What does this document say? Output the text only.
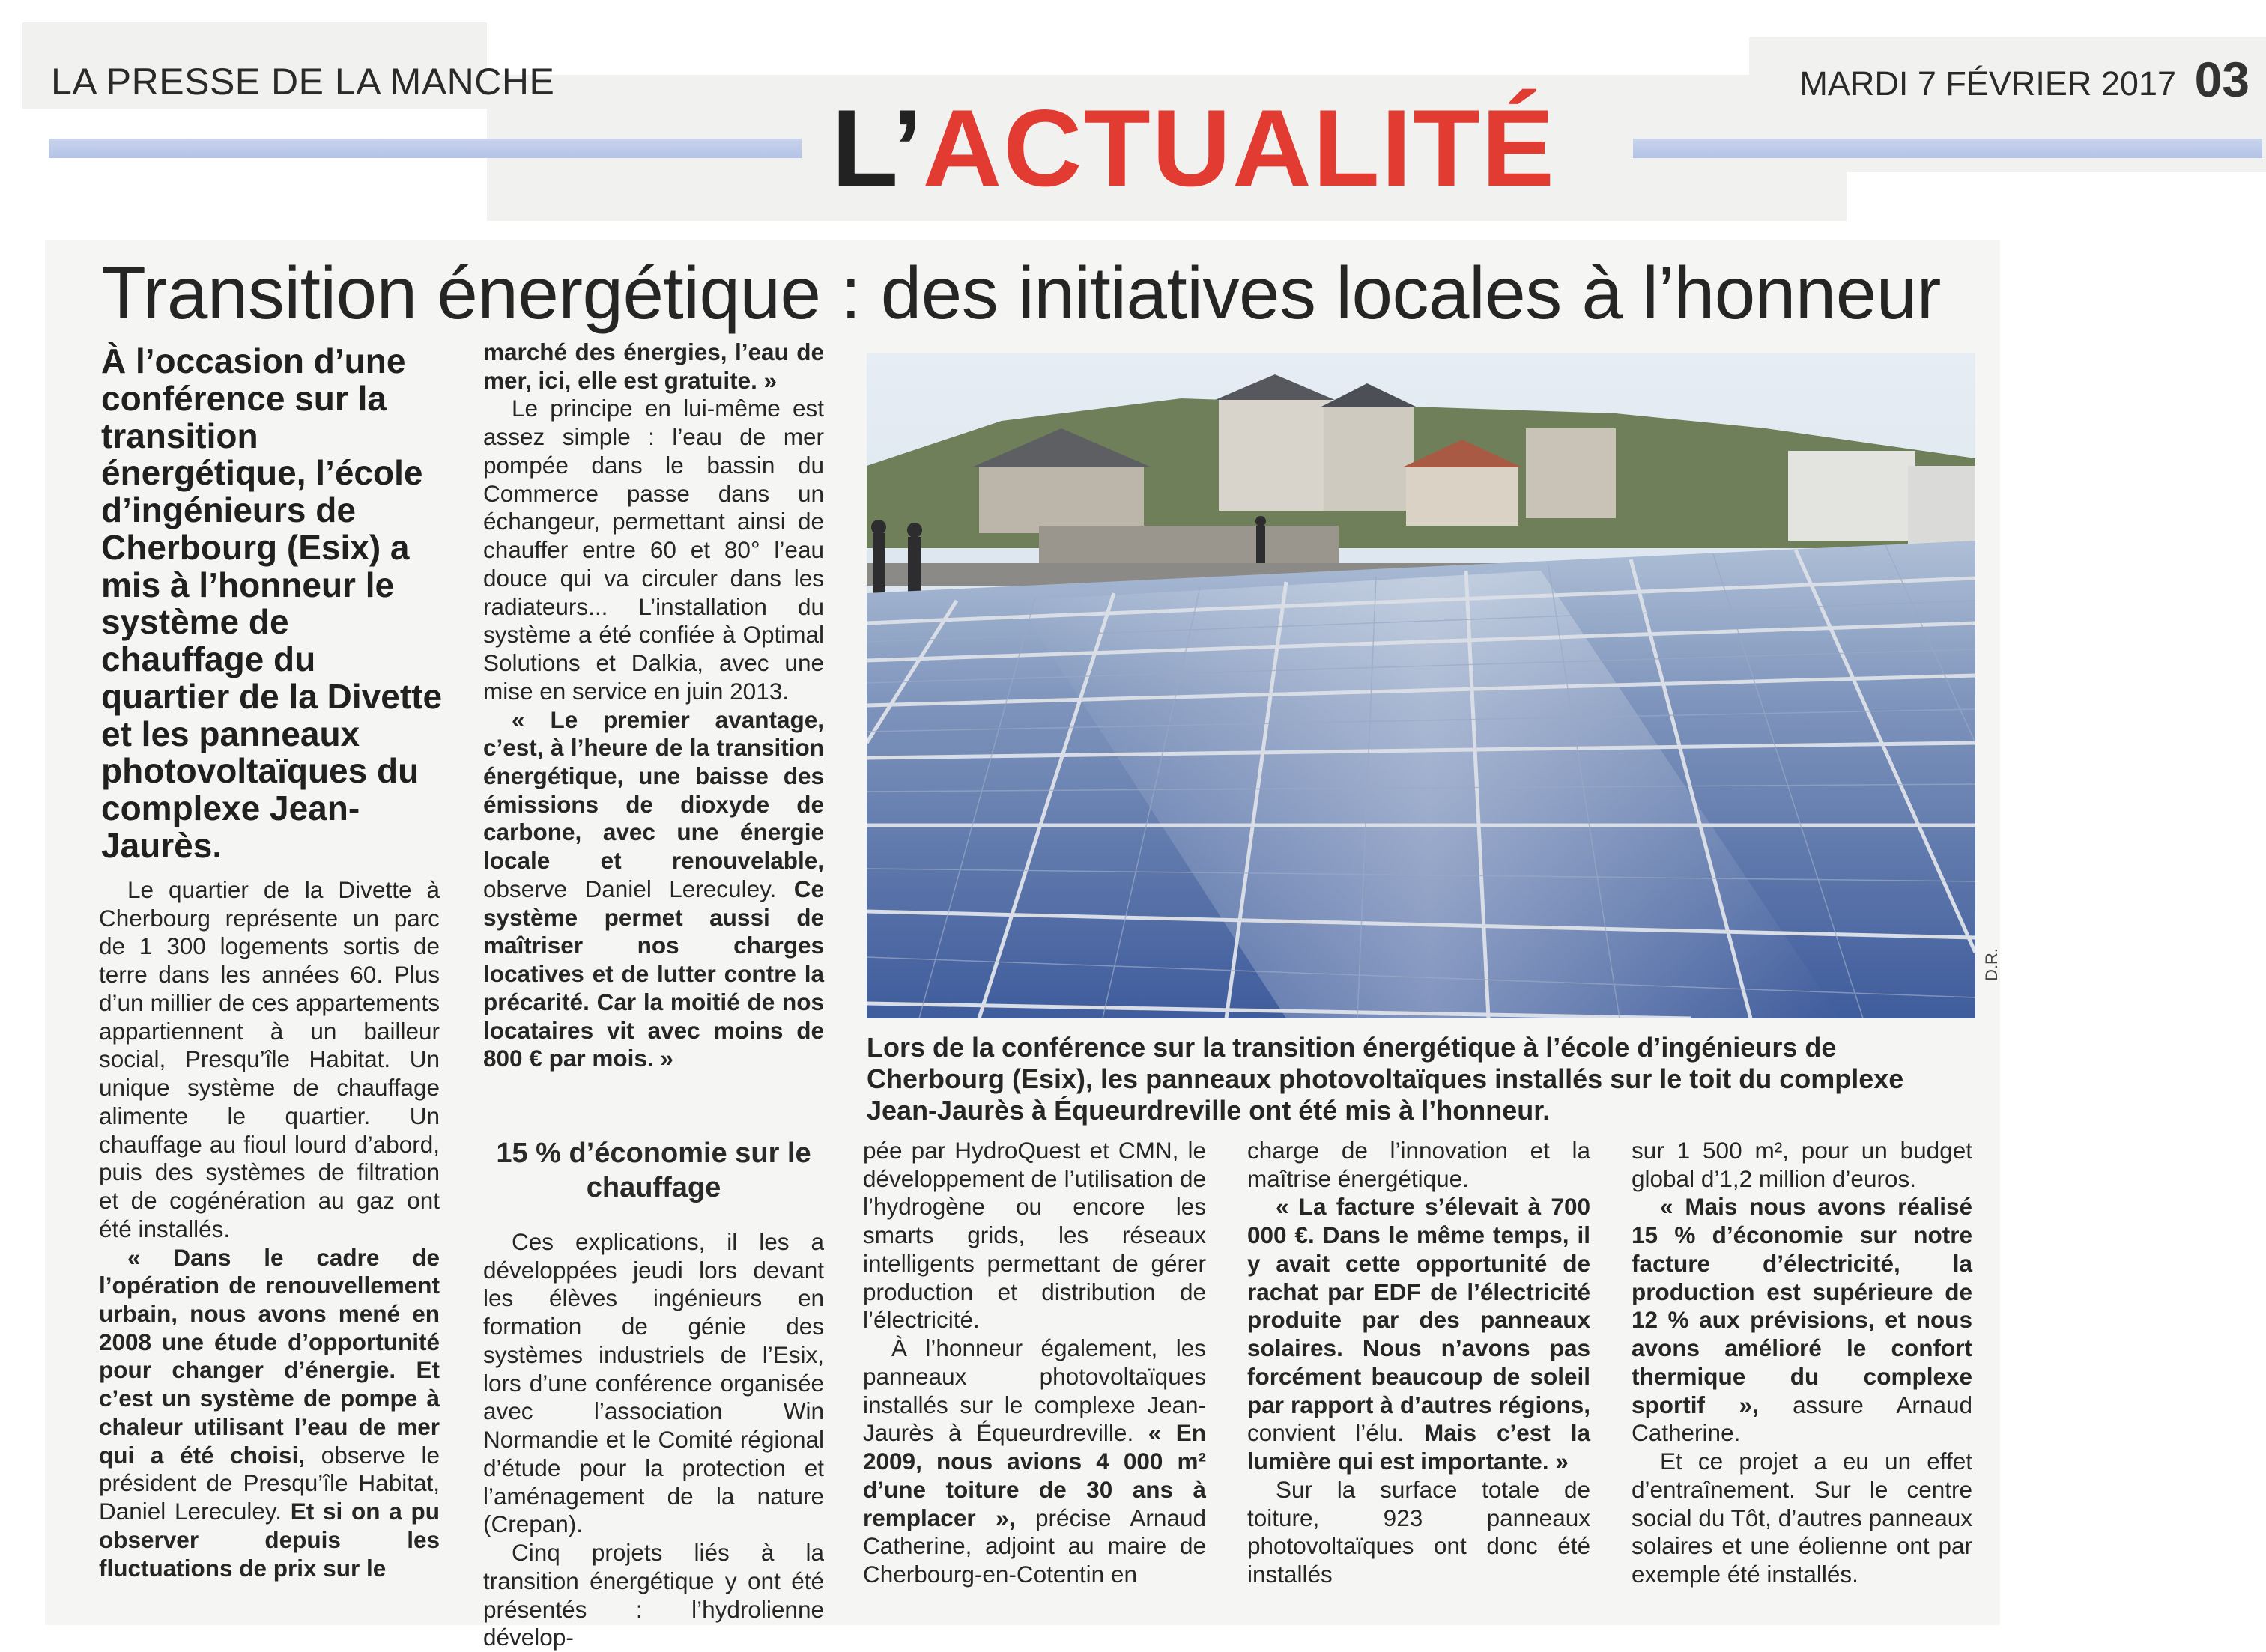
LA PRESSE DE LA MANCHE	MARDI 7 FÉVRIER 2017 03
L’ACTUALITÉ
Transition énergétique : des initiatives locales à l’honneur
À l’occasion d’une conférence sur la transition énergétique, l’école d’ingénieurs de Cherbourg (Esix) a mis à l’honneur le système de chauffage du quartier de la Divette et les panneaux photovoltaïques du complexe Jean-Jaurès.

Le quartier de la Divette à Cherbourg représente un parc de 1 300 logements sortis de terre dans les années 60. Plus d’un millier de ces appartements appartiennent à un bailleur social, Presqu’île Habitat. Un unique système de chauffage alimente le quartier. Un chauffage au fioul lourd d’abord, puis des systèmes de filtration et de cogénération au gaz ont été installés.

« Dans le cadre de l’opération de renouvellement urbain, nous avons mené en 2008 une étude d’opportunité pour changer d’énergie. Et c’est un système de pompe à chaleur utilisant l’eau de mer qui a été choisi, observe le président de Presqu’île Habitat, Daniel Lereculey. Et si on a pu observer depuis les fluctuations de prix sur le

marché des énergies, l’eau de mer, ici, elle est gratuite. »

Le principe en lui-même est assez simple : l’eau de mer pompée dans le bassin du Commerce passe dans un échangeur, permettant ainsi de chauffer entre 60 et 80° l’eau douce qui va circuler dans les radiateurs... L’installation du système a été confiée à Optimal Solutions et Dalkia, avec une mise en service en juin 2013.

« Le premier avantage, c’est, à l’heure de la transition énergétique, une baisse des émissions de dioxyde de carbone, avec une énergie locale et renouvelable, observe Daniel Lereculey. Ce système permet aussi de maîtriser nos charges locatives et de lutter contre la précarité. Car la moitié de nos locataires vit avec moins de 800 € par mois. »

15 % d’économie sur le chauffage

Ces explications, il les a développées jeudi lors devant les élèves ingénieurs en formation de génie des systèmes industriels de l’Esix, lors d’une conférence organisée avec l’association Win Normandie et le Comité régional d’étude pour la protection et l’aménagement de la nature (Crepan).

Cinq projets liés à la transition énergétique y ont été présentés : l’hydrolienne dévelop-

pée par HydroQuest et CMN, le développement de l’utilisation de l’hydrogène ou encore les smarts grids, les réseaux intelligents permettant de gérer production et distribution de l’électricité.

À l’honneur également, les panneaux photovoltaïques installés sur le complexe Jean-Jaurès à Équeurdreville. « En 2009, nous avions 4 000 m² d’une toiture de 30 ans à remplacer », précise Arnaud Catherine, adjoint au maire de Cherbourg-en-Cotentin en

charge de l’innovation et la maîtrise énergétique.

« La facture s’élevait à 700 000 €. Dans le même temps, il y avait cette opportunité de rachat par EDF de l’électricité produite par des panneaux solaires. Nous n’avons pas forcément beaucoup de soleil par rapport à d’autres régions, convient l’élu. Mais c’est la lumière qui est importante. »

Sur la surface totale de toiture, 923 panneaux photovoltaïques ont donc été installés

sur 1 500 m², pour un budget global d’1,2 million d’euros.

« Mais nous avons réalisé 15 % d’économie sur notre facture d’électricité, la production est supérieure de 12 % aux prévisions, et nous avons amélioré le confort thermique du complexe sportif », assure Arnaud Catherine.

Et ce projet a eu un effet d’entraînement. Sur le centre social du Tôt, d’autres panneaux solaires et une éolienne ont par exemple été installés.

D.R.
Lors de la conférence sur la transition énergétique à l’école d’ingénieurs de Cherbourg (Esix), les panneaux photovoltaïques installés sur le toit du complexe Jean-Jaurès à Équeurdreville ont été mis à l’honneur.
